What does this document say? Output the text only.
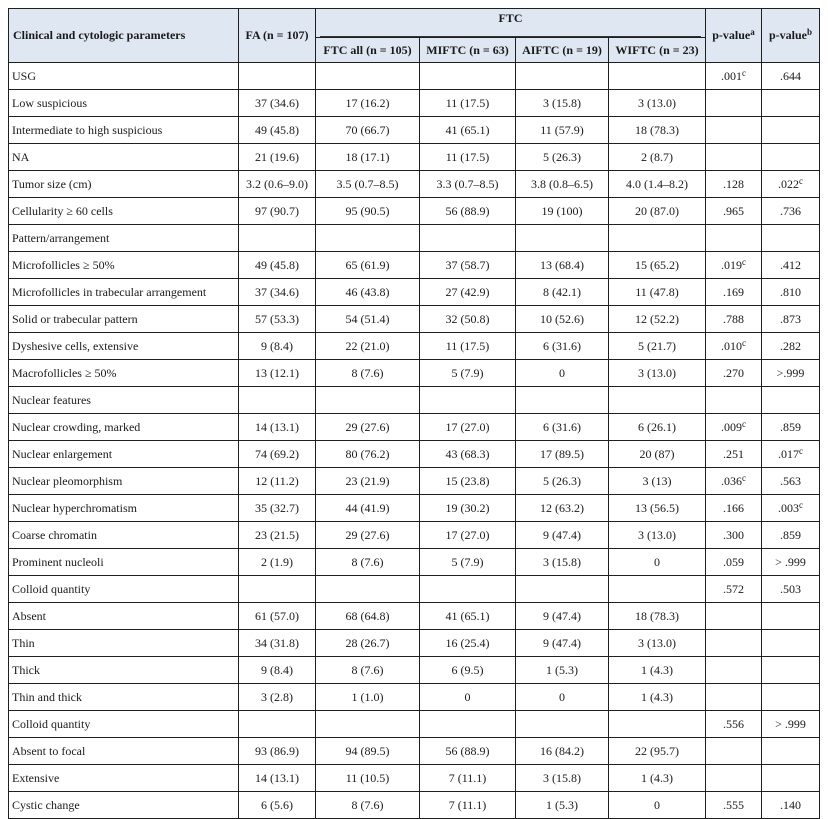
Clinical and cytologic parameters	FA (n = 107)	FTC				p-value$^a$	p-value$^b$
		FTC all (n = 105)	MIFTC (n = 63)	AIFTC (n = 19)	WIFTC (n = 23)		
USG						.001$^c$	.644
Low suspicious	37 (34.6)	17 (16.2)	11 (17.5)	3 (15.8)	3 (13.0)		
Intermediate to high suspicious	49 (45.8)	70 (66.7)	41 (65.1)	11 (57.9)	18 (78.3)		
NA	21 (19.6)	18 (17.1)	11 (17.5)	5 (26.3)	2 (8.7)		
Tumor size (cm)	3.2 (0.6–9.0)	3.5 (0.7–8.5)	3.3 (0.7–8.5)	3.8 (0.8–6.5)	4.0 (1.4–8.2)	.128	.022$^c$
Cellularity ≥ 60 cells	97 (90.7)	95 (90.5)	56 (88.9)	19 (100)	20 (87.0)	.965	.736
Pattern/arrangement							
Microfollicles ≥ 50%	49 (45.8)	65 (61.9)	37 (58.7)	13 (68.4)	15 (65.2)	.019$^c$	.412
Microfollicles in trabecular arrangement	37 (34.6)	46 (43.8)	27 (42.9)	8 (42.1)	11 (47.8)	.169	.810
Solid or trabecular pattern	57 (53.3)	54 (51.4)	32 (50.8)	10 (52.6)	12 (52.2)	.788	.873
Dyshesive cells, extensive	9 (8.4)	22 (21.0)	11 (17.5)	6 (31.6)	5 (21.7)	.010$^c$	.282
Macrofollicles ≥ 50%	13 (12.1)	8 (7.6)	5 (7.9)	0	3 (13.0)	.270	>.999
Nuclear features							
Nuclear crowding, marked	14 (13.1)	29 (27.6)	17 (27.0)	6 (31.6)	6 (26.1)	.009$^c$	.859
Nuclear enlargement	74 (69.2)	80 (76.2)	43 (68.3)	17 (89.5)	20 (87)	.251	.017$^c$
Nuclear pleomorphism	12 (11.2)	23 (21.9)	15 (23.8)	5 (26.3)	3 (13)	.036$^c$	.563
Nuclear hyperchromatism	35 (32.7)	44 (41.9)	19 (30.2)	12 (63.2)	13 (56.5)	.166	.003$^c$
Coarse chromatin	23 (21.5)	29 (27.6)	17 (27.0)	9 (47.4)	3 (13.0)	.300	.859
Prominent nucleoli	2 (1.9)	8 (7.6)	5 (7.9)	3 (15.8)	0	.059	> .999
Colloid quantity						.572	.503
Absent	61 (57.0)	68 (64.8)	41 (65.1)	9 (47.4)	18 (78.3)		
Thin	34 (31.8)	28 (26.7)	16 (25.4)	9 (47.4)	3 (13.0)		
Thick	9 (8.4)	8 (7.6)	6 (9.5)	1 (5.3)	1 (4.3)		
Thin and thick	3 (2.8)	1 (1.0)	0	0	1 (4.3)		
Colloid quantity						.556	> .999
Absent to focal	93 (86.9)	94 (89.5)	56 (88.9)	16 (84.2)	22 (95.7)		
Extensive	14 (13.1)	11 (10.5)	7 (11.1)	3 (15.8)	1 (4.3)		
Cystic change	6 (5.6)	8 (7.6)	7 (11.1)	1 (5.3)	0	.555	.140
